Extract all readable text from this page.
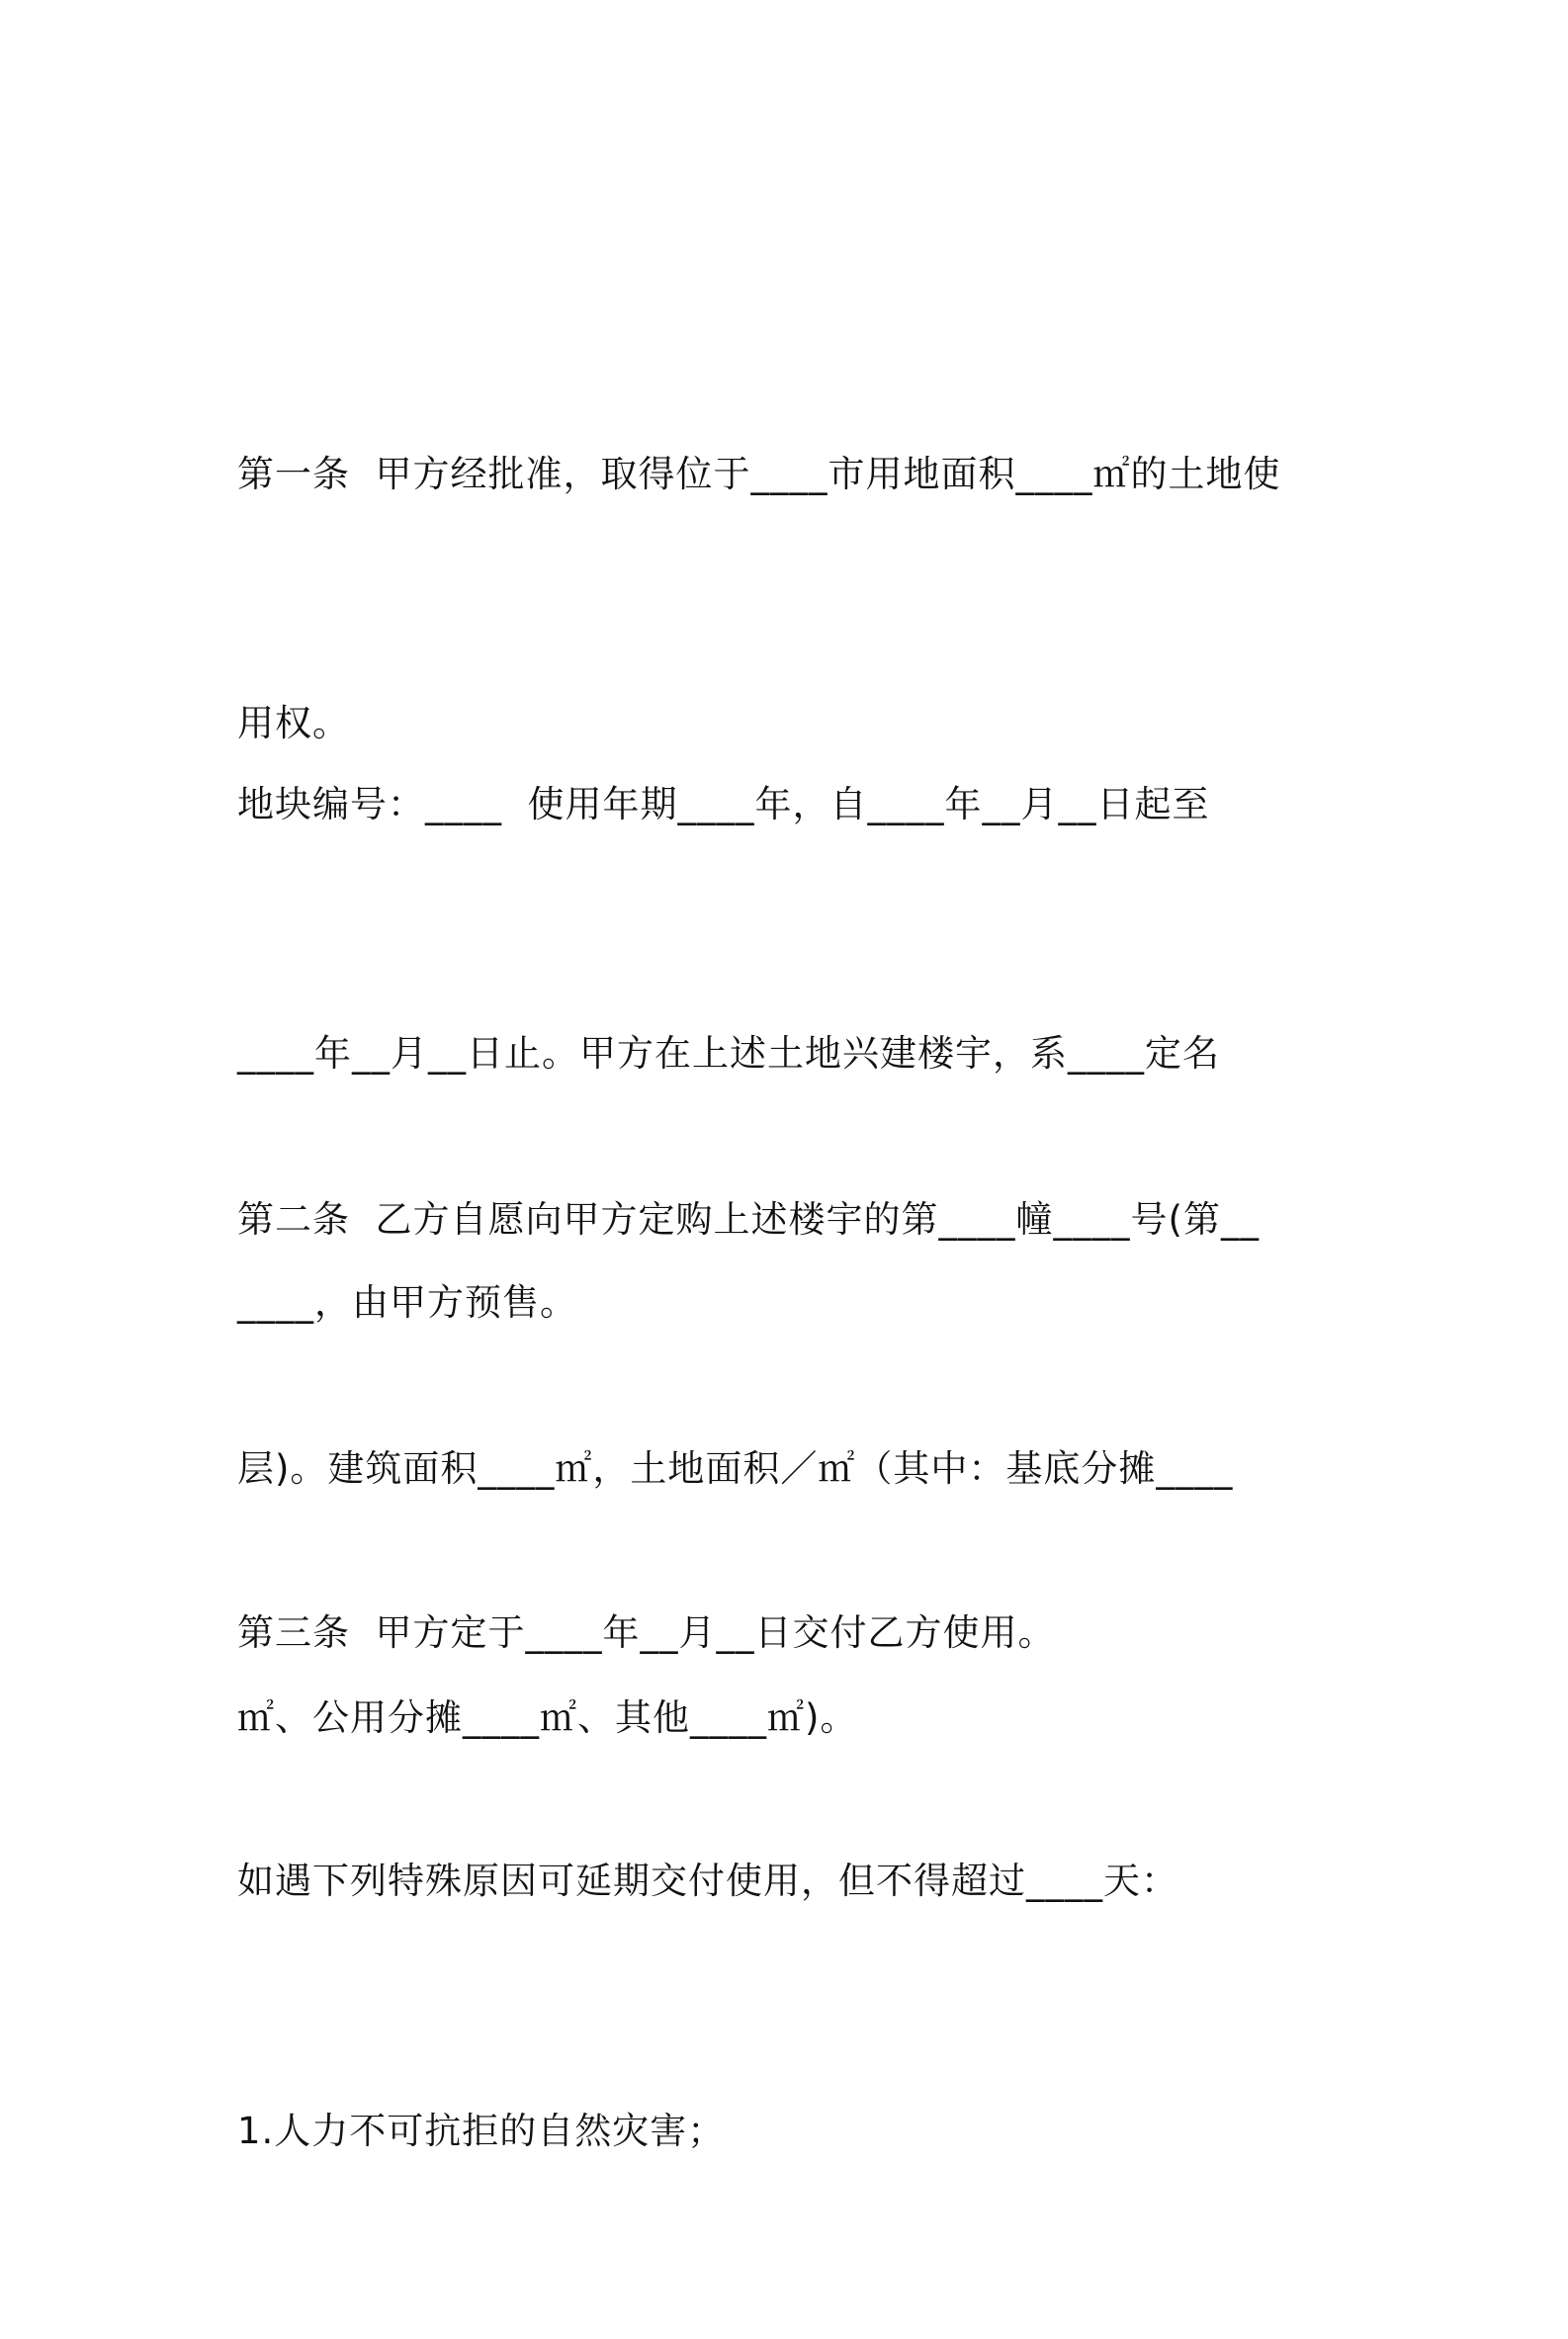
第一条  甲方经批准，取得位于____市用地面积____㎡的土地使

用权。

地块编号：____  使用年期____年，自____年__月__日起至

____年__月__日止。甲方在上述土地兴建楼宇，系____定名

____，由甲方预售。

第二条  乙方自愿向甲方定购上述楼宇的第____幢____号(第__

层)。建筑面积____㎡，土地面积／㎡（其中：基底分摊____

㎡、公用分摊____㎡、其他____㎡)。

第三条  甲方定于____年__月__日交付乙方使用。

如遇下列特殊原因可延期交付使用，但不得超过____天：

1.人力不可抗拒的自然灾害；
